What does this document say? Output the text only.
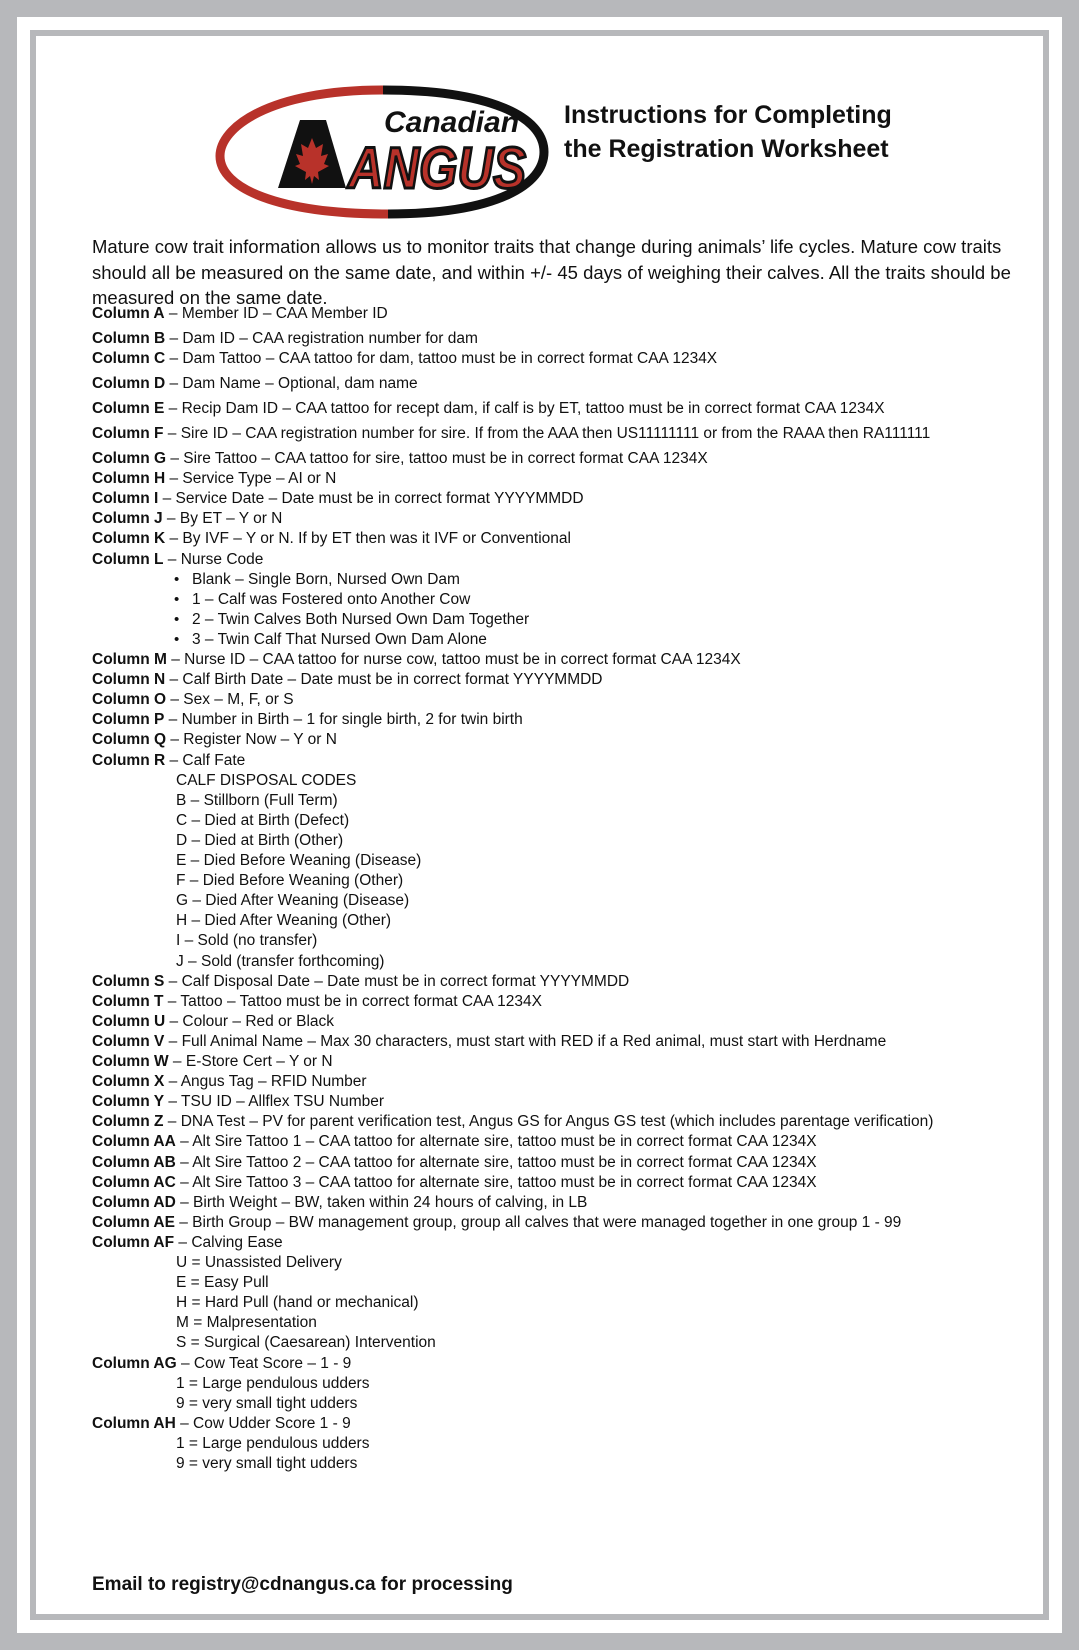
Canadian
ANGUS
Instructions for Completing
the Registration Worksheet
Mature cow trait information allows us to monitor traits that change during animals’ life cycles. Mature cow traits should all be measured on the same date, and within +/- 45 days of weighing their calves. All the traits should be measured on the same date.
Column A – Member ID – CAA Member ID
Column B – Dam ID – CAA registration number for dam
Column C – Dam Tattoo – CAA tattoo for dam, tattoo must be in correct format CAA 1234X
Column D – Dam Name – Optional, dam name
Column E – Recip Dam ID – CAA tattoo for recept dam, if calf is by ET, tattoo must be in correct format CAA 1234X
Column F – Sire ID – CAA registration number for sire. If from the AAA then US11111111 or from the RAAA then RA111111
Column G – Sire Tattoo – CAA tattoo for sire, tattoo must be in correct format CAA 1234X
Column H – Service Type – AI or N
Column I – Service Date – Date must be in correct format YYYYMMDD
Column J – By ET – Y or N
Column K – By IVF – Y or N. If by ET then was it IVF or Conventional
Column L – Nurse Code
• Blank – Single Born, Nursed Own Dam
• 1 – Calf was Fostered onto Another Cow
• 2 – Twin Calves Both Nursed Own Dam Together
• 3 – Twin Calf That Nursed Own Dam Alone
Column M – Nurse ID – CAA tattoo for nurse cow, tattoo must be in correct format CAA 1234X
Column N – Calf Birth Date – Date must be in correct format YYYYMMDD
Column O – Sex – M, F, or S
Column P – Number in Birth – 1 for single birth, 2 for twin birth
Column Q – Register Now – Y or N
Column R – Calf Fate
CALF DISPOSAL CODES
B – Stillborn (Full Term)
C – Died at Birth (Defect)
D – Died at Birth (Other)
E – Died Before Weaning (Disease)
F – Died Before Weaning (Other)
G – Died After Weaning (Disease)
H – Died After Weaning (Other)
I – Sold (no transfer)
J – Sold (transfer forthcoming)
Column S – Calf Disposal Date – Date must be in correct format YYYYMMDD
Column T – Tattoo – Tattoo must be in correct format CAA 1234X
Column U – Colour – Red or Black
Column V – Full Animal Name – Max 30 characters, must start with RED if a Red animal, must start with Herdname
Column W – E-Store Cert – Y or N
Column X – Angus Tag – RFID Number
Column Y – TSU ID – Allflex TSU Number
Column Z – DNA Test – PV for parent verification test, Angus GS for Angus GS test (which includes parentage verification)
Column AA – Alt Sire Tattoo 1 – CAA tattoo for alternate sire, tattoo must be in correct format CAA 1234X
Column AB – Alt Sire Tattoo 2 – CAA tattoo for alternate sire, tattoo must be in correct format CAA 1234X
Column AC – Alt Sire Tattoo 3 – CAA tattoo for alternate sire, tattoo must be in correct format CAA 1234X
Column AD – Birth Weight – BW, taken within 24 hours of calving, in LB
Column AE – Birth Group – BW management group, group all calves that were managed together in one group 1 - 99
Column AF – Calving Ease
U = Unassisted Delivery
E = Easy Pull
H = Hard Pull (hand or mechanical)
M = Malpresentation
S = Surgical (Caesarean) Intervention
Column AG – Cow Teat Score – 1 - 9
1 = Large pendulous udders
9 = very small tight udders
Column AH – Cow Udder Score 1 - 9
1 = Large pendulous udders
9 = very small tight udders
Email to registry@cdnangus.ca for processing
